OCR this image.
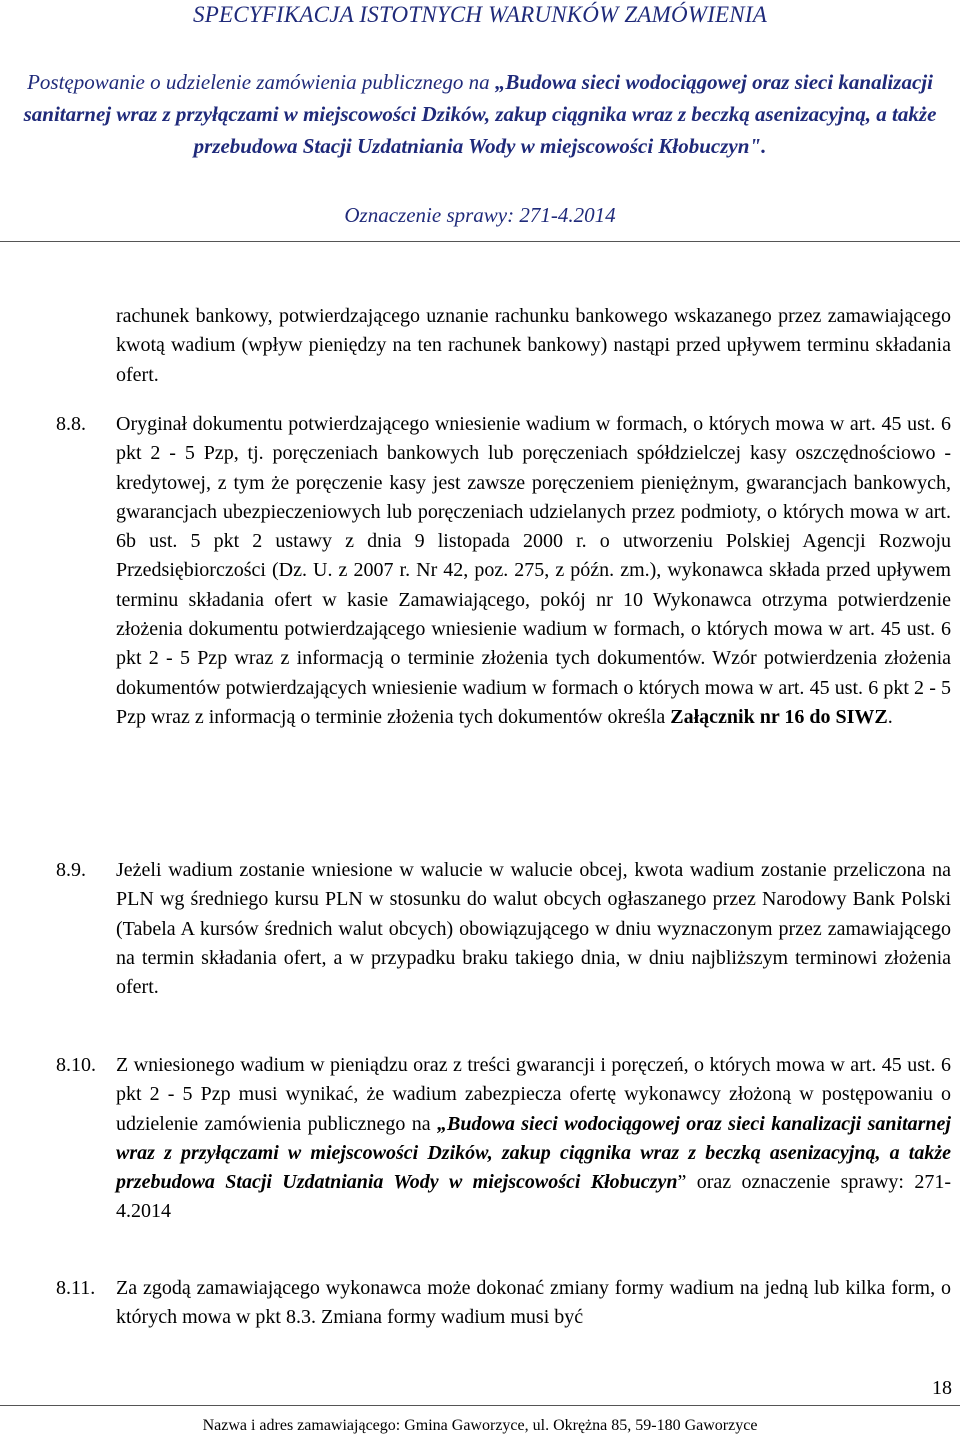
SPECYFIKACJA ISTOTNYCH WARUNKÓW ZAMÓWIENIA
Postępowanie o udzielenie zamówienia publicznego na „Budowa sieci wodociągowej oraz sieci kanalizacji sanitarnej wraz z przyłączami w miejscowości Dzików, zakup ciągnika wraz z beczką asenizacyjną, a także przebudowa Stacji Uzdatniania Wody w miejscowości Kłobuczyn".
Oznaczenie sprawy: 271-4.2014
rachunek bankowy, potwierdzającego uznanie rachunku bankowego wskazanego przez zamawiającego kwotą wadium (wpływ pieniędzy na ten rachunek bankowy) nastąpi przed upływem terminu składania ofert.
8.8.	Oryginał dokumentu potwierdzającego wniesienie wadium w formach, o których mowa w art. 45 ust. 6 pkt 2 - 5 Pzp, tj. poręczeniach bankowych lub poręczeniach spółdzielczej kasy oszczędnościowo - kredytowej, z tym że poręczenie kasy jest zawsze poręczeniem pieniężnym, gwarancjach bankowych, gwarancjach ubezpieczeniowych lub poręczeniach udzielanych przez podmioty, o których mowa w art. 6b ust. 5 pkt 2 ustawy z dnia 9 listopada 2000 r. o utworzeniu Polskiej Agencji Rozwoju Przedsiębiorczości (Dz. U. z 2007 r. Nr 42, poz. 275, z późn. zm.), wykonawca składa przed upływem terminu składania ofert w kasie Zamawiającego, pokój nr 10 Wykonawca otrzyma potwierdzenie złożenia dokumentu potwierdzającego wniesienie wadium w formach, o których mowa w art. 45 ust. 6 pkt 2 - 5 Pzp wraz z informacją o terminie złożenia tych dokumentów. Wzór potwierdzenia złożenia dokumentów potwierdzających wniesienie wadium w formach o których mowa w art. 45 ust. 6 pkt 2 - 5 Pzp wraz z informacją o terminie złożenia tych dokumentów określa Załącznik nr 16 do SIWZ.
8.9.	Jeżeli wadium zostanie wniesione w walucie w walucie obcej, kwota wadium zostanie przeliczona na PLN wg średniego kursu PLN w stosunku do walut obcych ogłaszanego przez Narodowy Bank Polski (Tabela A kursów średnich walut obcych) obowiązującego w dniu wyznaczonym przez zamawiającego na termin składania ofert, a w przypadku braku takiego dnia, w dniu najbliższym terminowi złożenia ofert.
8.10.	Z wniesionego wadium w pieniądzu oraz z treści gwarancji i poręczeń, o których mowa w art. 45 ust. 6 pkt 2 - 5 Pzp musi wynikać, że wadium zabezpiecza ofertę wykonawcy złożoną w postępowaniu o udzielenie zamówienia publicznego na „Budowa sieci wodociągowej oraz sieci kanalizacji sanitarnej wraz z przyłączami w miejscowości Dzików, zakup ciągnika wraz z beczką asenizacyjną, a także przebudowa Stacji Uzdatniania Wody w miejscowości Kłobuczyn” oraz oznaczenie sprawy: 271-4.2014
8.11.	Za zgodą zamawiającego wykonawca może dokonać zmiany formy wadium na jedną lub kilka form, o których mowa w pkt 8.3. Zmiana formy wadium musi być
18
Nazwa i adres zamawiającego: Gmina Gaworzyce, ul. Okrężna 85, 59-180 Gaworzyce
